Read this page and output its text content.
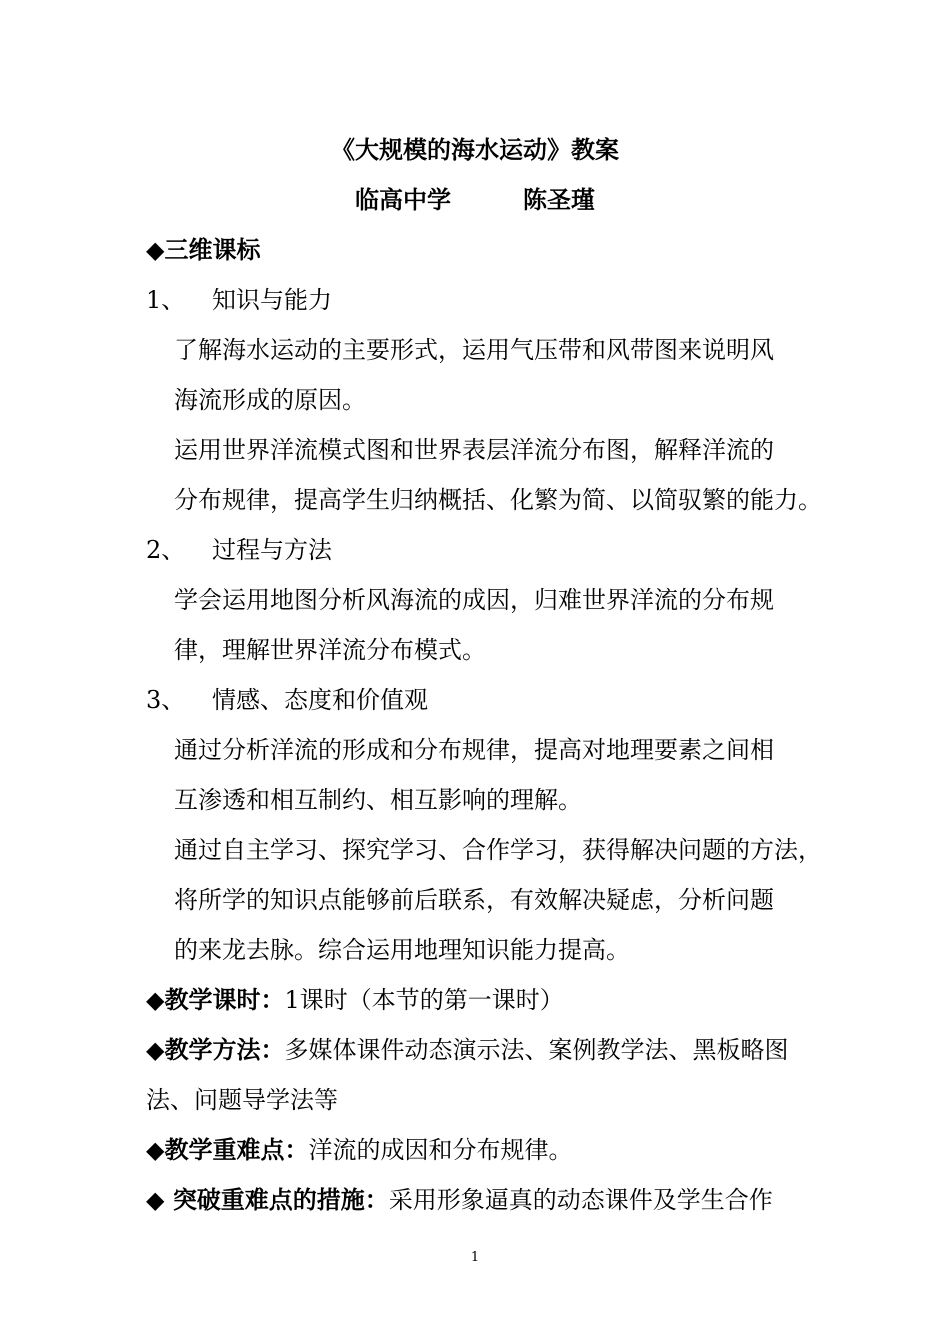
《大规模的海水运动》教案
临高中学　　　陈圣瑾
◆三维课标
1、 知识与能力
了解海水运动的主要形式，运用气压带和风带图来说明风
海流形成的原因。
运用世界洋流模式图和世界表层洋流分布图，解释洋流的
分布规律，提高学生归纳概括、化繁为简、以简驭繁的能力。
2、 过程与方法
学会运用地图分析风海流的成因，归难世界洋流的分布规
律，理解世界洋流分布模式。
3、 情感、态度和价值观
通过分析洋流的形成和分布规律，提高对地理要素之间相
互渗透和相互制约、相互影响的理解。
通过自主学习、探究学习、合作学习，获得解决问题的方法，
将所学的知识点能够前后联系，有效解决疑虑，分析问题
的来龙去脉。综合运用地理知识能力提高。
◆教学课时：1课时（本节的第一课时）
◆教学方法：多媒体课件动态演示法、案例教学法、黑板略图
法、问题导学法等
◆教学重难点：洋流的成因和分布规律。
◆ 突破重难点的措施：采用形象逼真的动态课件及学生合作
1
